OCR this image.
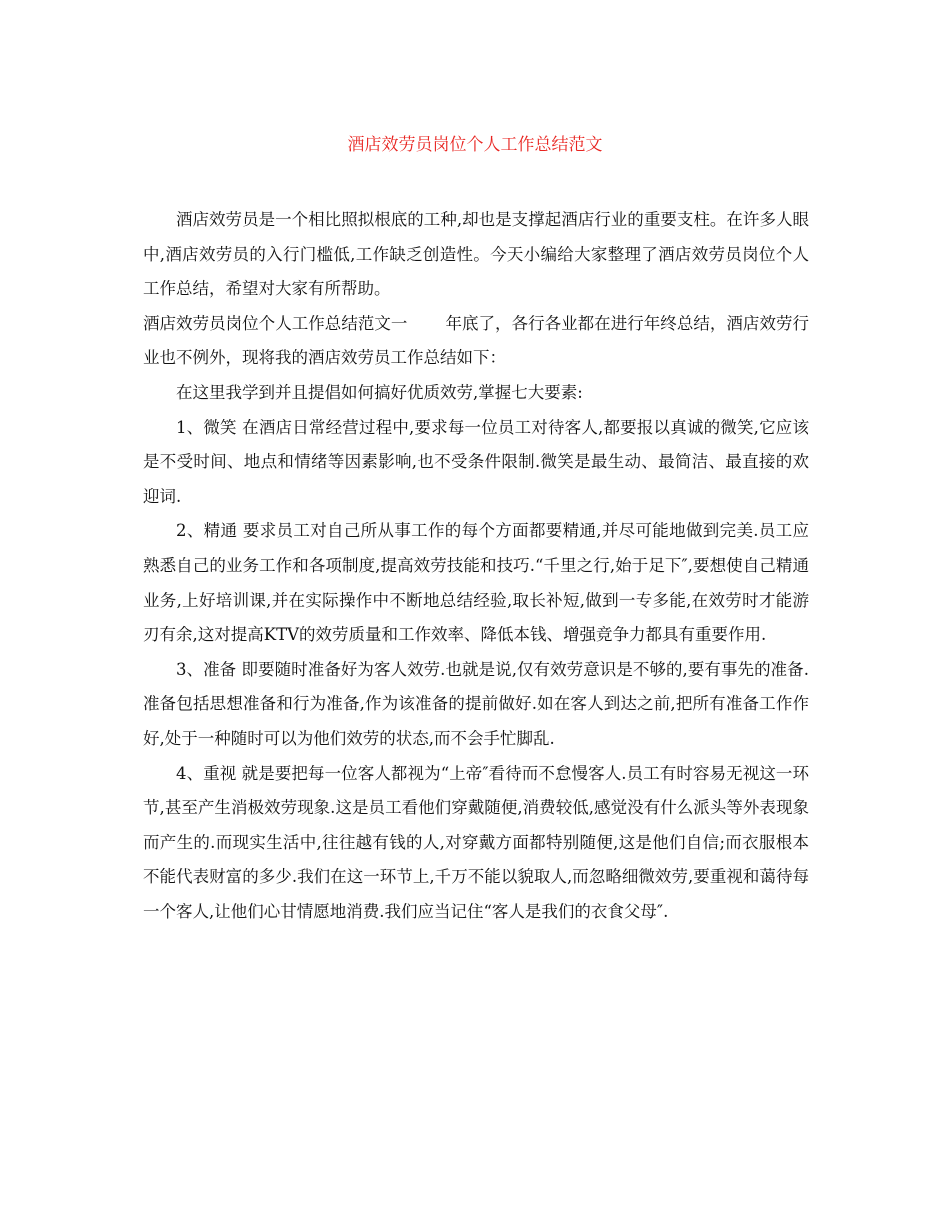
酒店效劳员岗位个人工作总结范文

酒店效劳员是一个相比照拟根底的工种,却也是支撑起酒店行业的重要支柱。在许多人眼中,酒店效劳员的入行门槛低,工作缺乏创造性。今天小编给大家整理了酒店效劳员岗位个人工作总结，希望对大家有所帮助。

酒店效劳员岗位个人工作总结范文一 年底了，各行各业都在进行年终总结，酒店效劳行业也不例外，现将我的酒店效劳员工作总结如下：

在这里我学到并且提倡如何搞好优质效劳,掌握七大要素:

1、微笑 在酒店日常经营过程中,要求每一位员工对待客人,都要报以真诚的微笑,它应该是不受时间、地点和情绪等因素影响,也不受条件限制.微笑是最生动、最简洁、最直接的欢迎词.

2、精通 要求员工对自己所从事工作的每个方面都要精通,并尽可能地做到完美.员工应熟悉自己的业务工作和各项制度,提高效劳技能和技巧.“千里之行,始于足下″,要想使自己精通业务,上好培训课,并在实际操作中不断地总结经验,取长补短,做到一专多能,在效劳时才能游刃有余,这对提高KTV的效劳质量和工作效率、降低本钱、增强竞争力都具有重要作用.

3、准备 即要随时准备好为客人效劳.也就是说,仅有效劳意识是不够的,要有事先的准备.准备包括思想准备和行为准备,作为该准备的提前做好.如在客人到达之前,把所有准备工作作好,处于一种随时可以为他们效劳的状态,而不会手忙脚乱.

4、重视 就是要把每一位客人都视为“上帝″看待而不怠慢客人.员工有时容易无视这一环节,甚至产生消极效劳现象.这是员工看他们穿戴随便,消费较低,感觉没有什么派头等外表现象而产生的.而现实生活中,往往越有钱的人,对穿戴方面都特别随便,这是他们自信;而衣服根本不能代表财富的多少.我们在这一环节上,千万不能以貌取人,而忽略细微效劳,要重视和蔼待每一个客人,让他们心甘情愿地消费.我们应当记住“客人是我们的衣食父母″.
